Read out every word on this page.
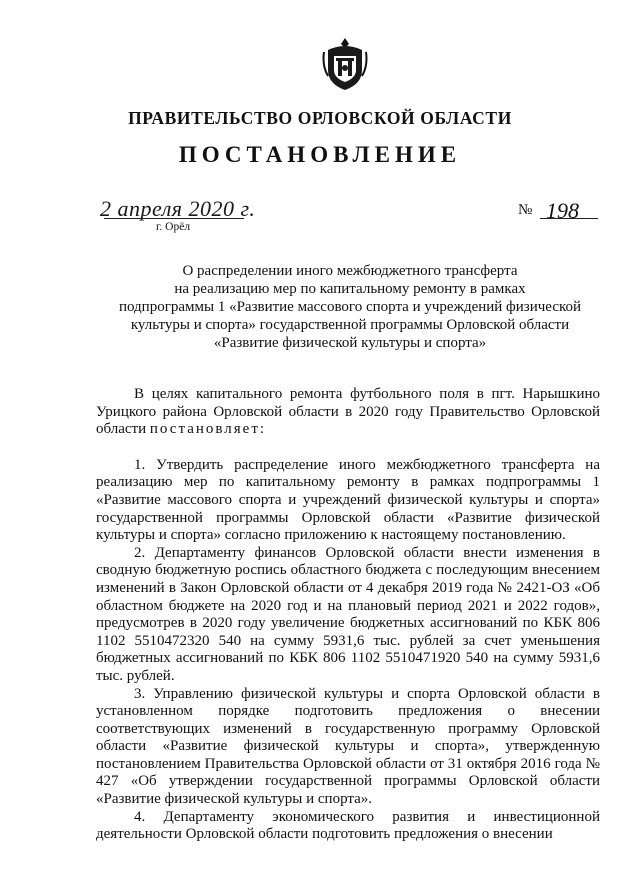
ПРАВИТЕЛЬСТВО ОРЛОВСКОЙ ОБЛАСТИ
ПОСТАНОВЛЕНИЕ
2 апреля 2020 г.
г. Орёл
№ 198
О распределении иного межбюджетного трансферта
на реализацию мер по капитальному ремонту в рамках
подпрограммы 1 «Развитие массового спорта и учреждений физической
культуры и спорта» государственной программы Орловской области
«Развитие физической культуры и спорта»

В целях капитального ремонта футбольного поля в пгт. Нарышкино Урицкого района Орловской области в 2020 году Правительство Орловской области постановляет:

1. Утвердить распределение иного межбюджетного трансферта на реализацию мер по капитальному ремонту в рамках подпрограммы 1 «Развитие массового спорта и учреждений физической культуры и спорта» государственной программы Орловской области «Развитие физической культуры и спорта» согласно приложению к настоящему постановлению.

2. Департаменту финансов Орловской области внести изменения в сводную бюджетную роспись областного бюджета с последующим внесением изменений в Закон Орловской области от 4 декабря 2019 года № 2421-ОЗ «Об областном бюджете на 2020 год и на плановый период 2021 и 2022 годов», предусмотрев в 2020 году увеличение бюджетных ассигнований по КБК 806 1102 5510472320 540 на сумму 5931,6 тыс. рублей за счет уменьшения бюджетных ассигнований по КБК 806 1102 5510471920 540 на сумму 5931,6 тыс. рублей.

3. Управлению физической культуры и спорта Орловской области в установленном порядке подготовить предложения о внесении соответствующих изменений в государственную программу Орловской области «Развитие физической культуры и спорта», утвержденную постановлением Правительства Орловской области от 31 октября 2016 года № 427 «Об утверждении государственной программы Орловской области «Развитие физической культуры и спорта».

4. Департаменту экономического развития и инвестиционной деятельности Орловской области подготовить предложения о внесении
